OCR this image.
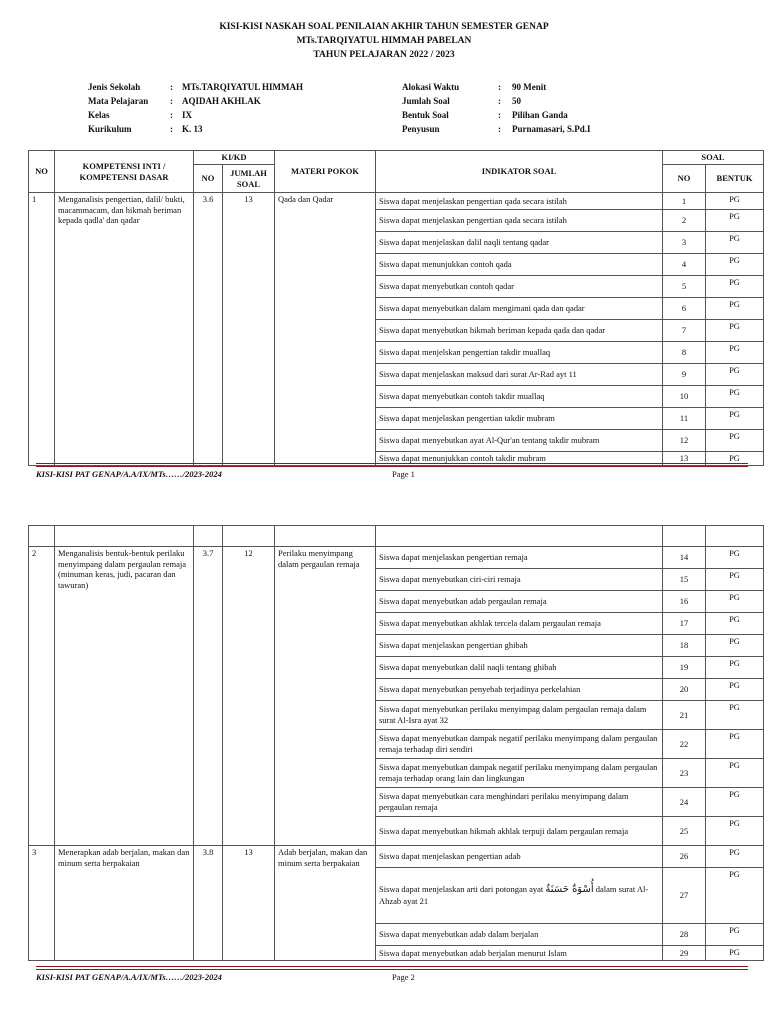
KISI-KISI NASKAH SOAL PENILAIAN AKHIR TAHUN SEMESTER GENAP
MTs.TARQIYATUL HIMMAH PABELAN
TAHUN PELAJARAN 2022 / 2023
Jenis Sekolah	: MTs.TARQIYATUL HIMMAH
Mata Pelajaran : AQIDAH AKHLAK
Kelas	: IX
Kurikulum	: K. 13
Alokasi Waktu	: 90 Menit
Jumlah Soal	: 50
Bentuk Soal	: Pilihan Ganda
Penyusun	: Purnamasari, S.Pd.I
NO	KOMPETENSI INTI / KOMPETENSI DASAR	KI/KD		MATERI POKOK	INDIKATOR SOAL	SOAL	
		NO	JUMLAH SOAL			NO	BENTUK
1	Menganalisis pengertian, dalil/ bukti, macammacam, dan hikmah beriman kepada qadla' dan qadar	3.6	13	Qada dan Qadar	Siswa dapat menjelaskan pengertian qada secara istilah	1	PG
					Siswa dapat menjelaskan pengertian qada secara istilah	2	PG
					Siswa dapat menjelaskan dalil naqli tentang qadar	3	PG
					Siswa dapat menunjukkan contoh qada	4	PG
					Siswa dapat menyebutkan contoh qadar	5	PG
					Siswa dapat menyebutkan dalam mengimani qada dan qadar	6	PG
					Siswa dapat menyebutkan hikmah beriman kepada qada dan qadar	7	PG
					Siswa dapat menjelskan pengertian takdir muallaq	8	PG
					Siswa dapat menjelaskan maksud dari surat Ar-Rad ayt 11	9	PG
					Siswa dapat menyebutkan contoh takdir muallaq	10	PG
					Siswa dapat menjelaskan pengertian takdir mubram	11	PG
					Siswa dapat menyebutkan ayat Al-Qur'an tentang takdir mubram	12	PG
					Siswa dapat menunjukkan contoh takdir mubram	13	PG
KISI-KISI PAT GENAP/A.A/IX/MTs……/2023-2024	Page 1

2	Menganalisis bentuk-bentuk perilaku menyimpang dalam pergaulan remaja (minuman keras, judi, pacaran dan tawuran)	3.7	12	Perilaku menyimpang dalam pergaulan remaja	Siswa dapat menjelaskan pengertian remaja	14	PG
					Siswa dapat menyebutkan ciri-ciri remaja	15	PG
					Siswa dapat menyebutkan adab pergaulan remaja	16	PG
					Siswa dapat menyebutkan akhlak tercela dalam pergaulan remaja	17	PG
					Siswa dapat menjelaskan pengertian ghibah	18	PG
					Siswa dapat menyebutkan dalil naqli tentang ghibah	19	PG
					Siswa dapat menyebutkan penyebab terjadinya perkelahian	20	PG
					Siswa dapat menyebutkan perilaku menyimpag dalam pergaulan remaja dalam surat Al-Isra ayat 32	21	PG
					Siswa dapat menyebutkan dampak negatif perilaku menyimpang dalam pergaulan remaja terhadap diri sendiri	22	PG
					Siswa dapat menyebutkan dampak negatif perilaku menyimpang dalam pergaulan remaja terhadap orang lain dan lingkungan	23	PG
					Siswa dapat menyebutkan cara menghindari perilaku menyimpang dalam pergaulan remaja	24	PG
					Siswa dapat menyebutkan hikmah akhlak terpuji dalam pergaulan remaja	25	PG
3	Menerapkan adab berjalan, makan dan minum serta berpakaian	3.8	13	Adab berjalan, makan dan minum serta berpakaian	Siswa dapat menjelaskan pengertian adab	26	PG
					Siswa dapat menjelaskan arti dari potongan ayat أُسْوَةٌ حَسَنَةٌ dalam surat Al-Ahzab ayat 21	27	PG
					Siswa dapat menyebutkan adab dalam berjalan	28	PG
					Siswa dapat menyebutkan adab berjalan menurut Islam	29	PG
KISI-KISI PAT GENAP/A.A/IX/MTs……/2023-2024	Page 2
